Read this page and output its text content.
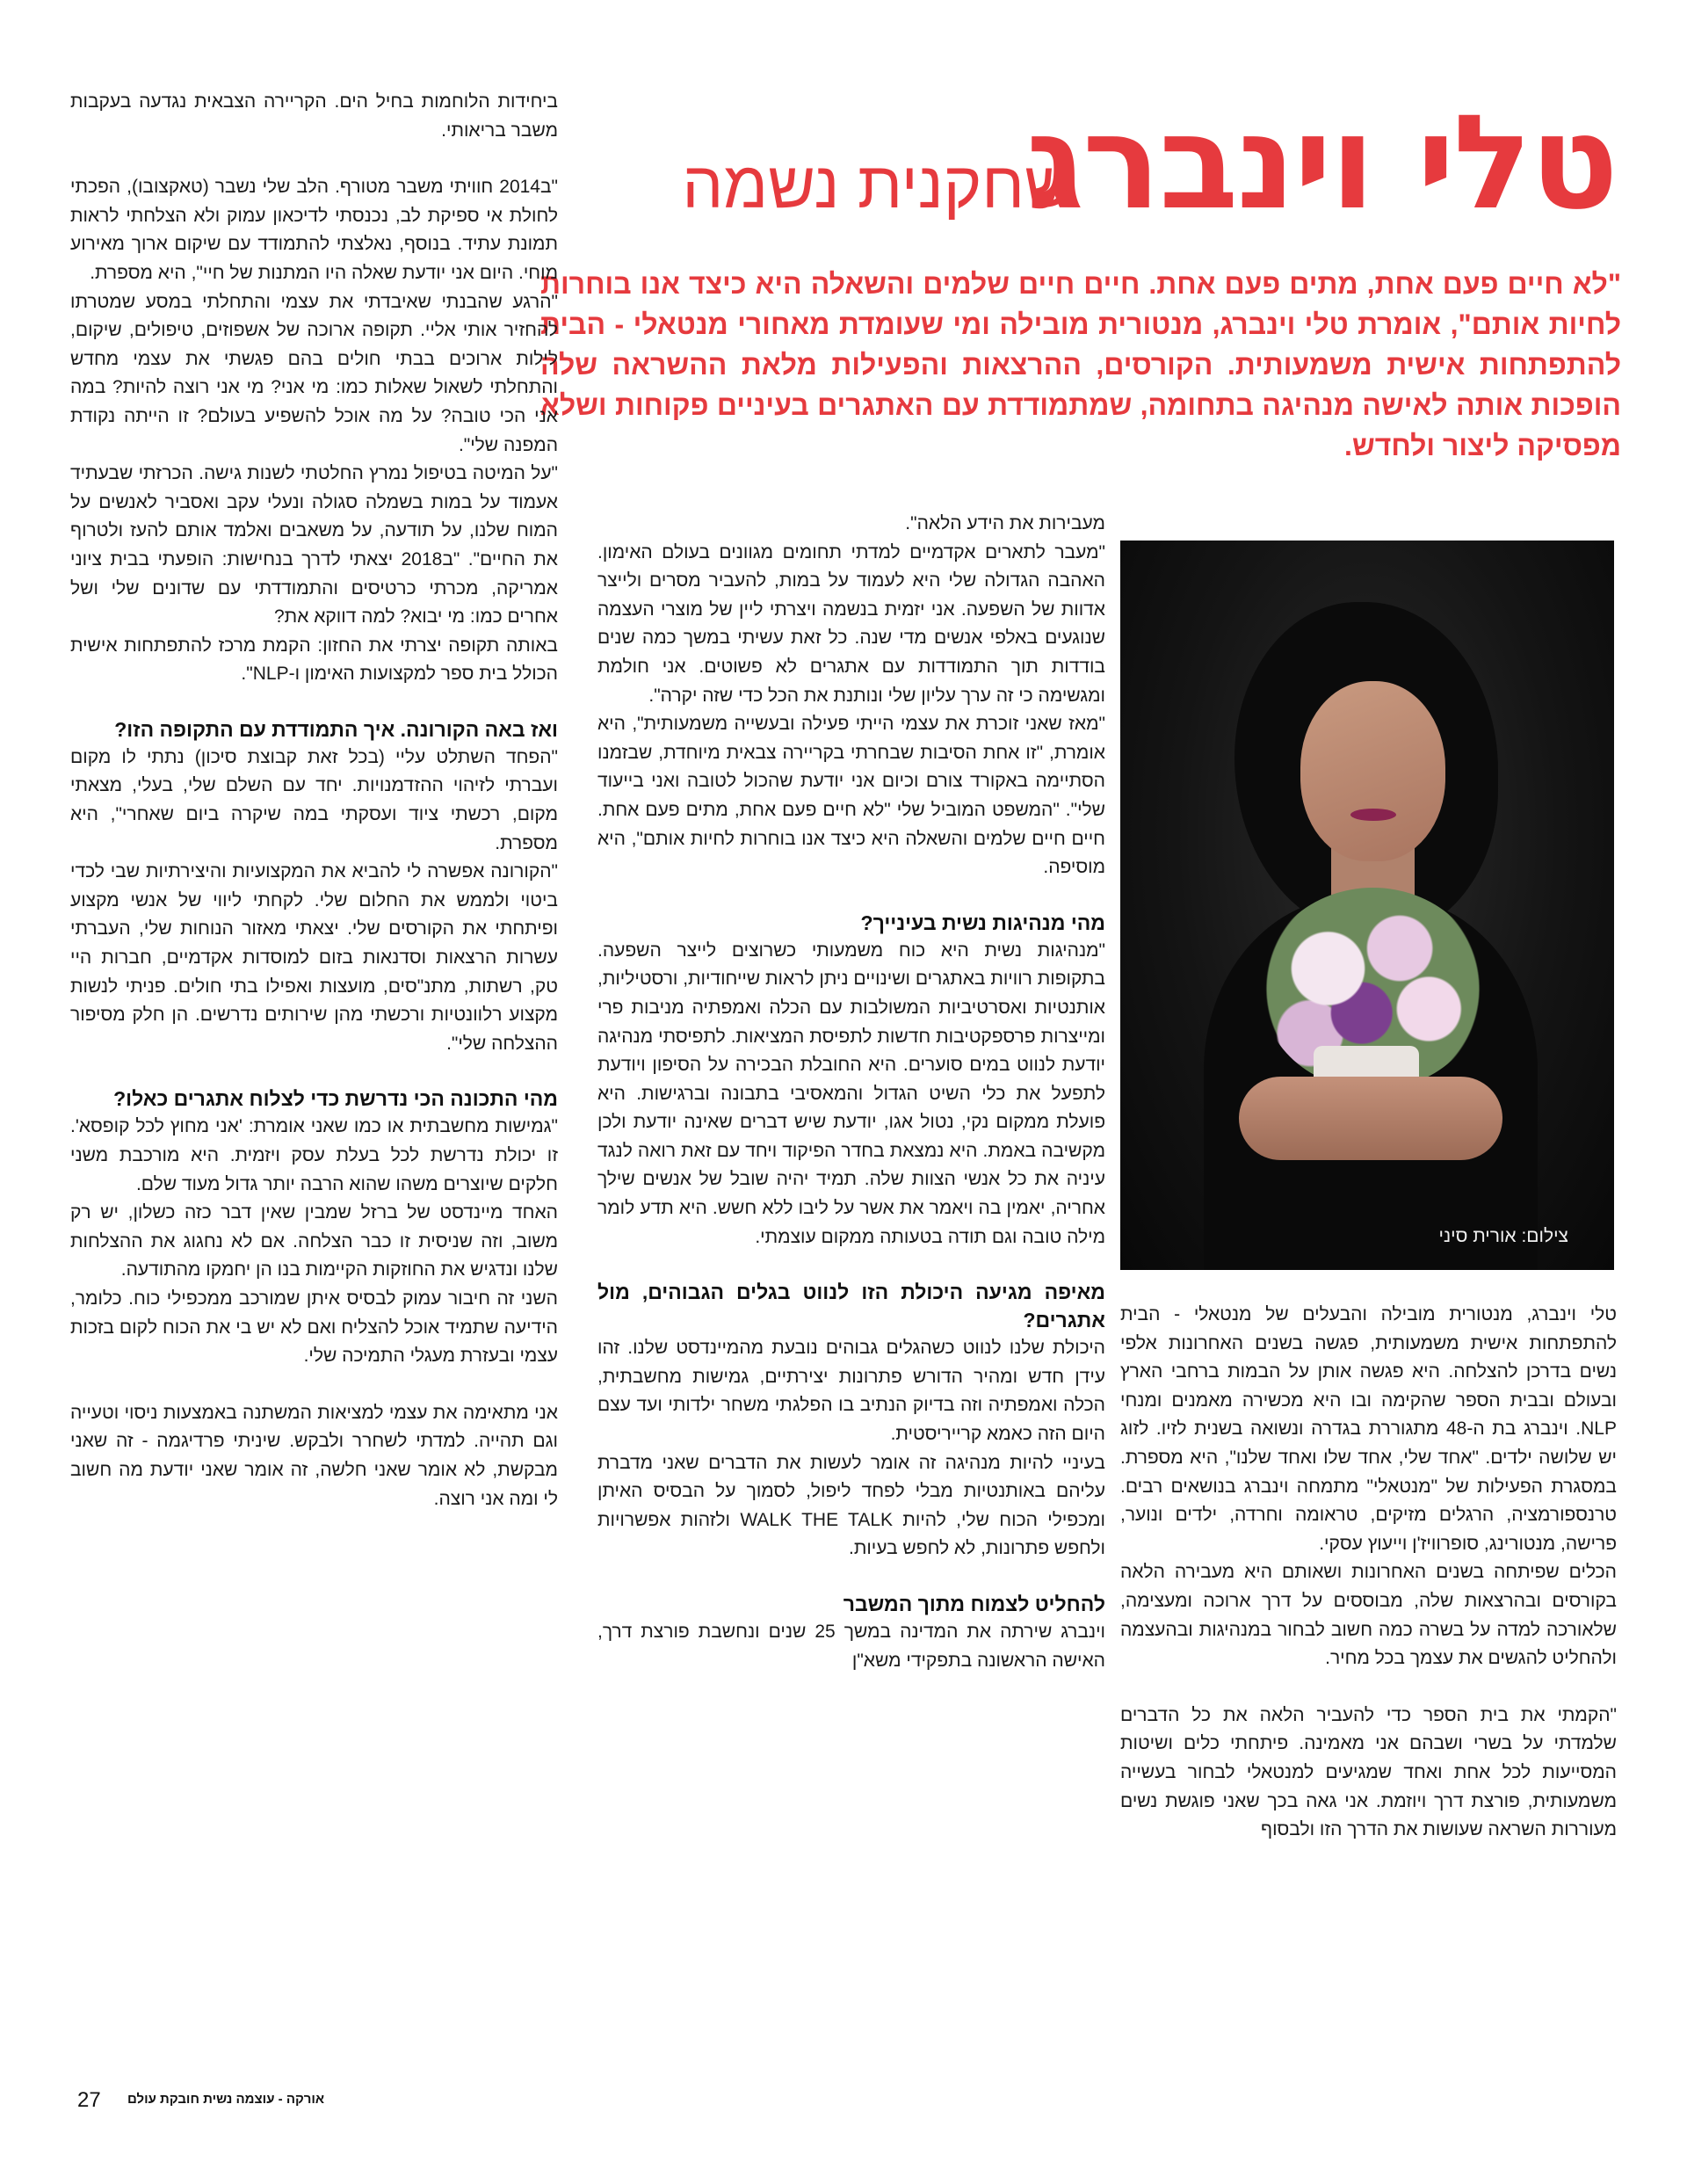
טלי וינברג
שחקנית נשמה
"לא חיים פעם אחת, מתים פעם אחת. חיים חיים שלמים והשאלה היא כיצד אנו בוחרות לחיות אותם", אומרת טלי וינברג, מנטורית מובילה ומי שעומדת מאחורי מנטאלי - הבית להתפתחות אישית משמעותית. הקורסים, ההרצאות והפעילות מלאת ההשראה שלה הופכות אותה לאישה מנהיגה בתחומה, שמתמודדת עם האתגרים בעיניים פקוחות ושלא מפסיקה ליצור ולחדש.
צילום: אורית סיני

טלי וינברג, מנטורית מובילה והבעלים של מנטאלי - הבית להתפתחות אישית משמעותית, פגשה בשנים האחרונות אלפי נשים בדרכן להצלחה. היא פגשה אותן על הבמות ברחבי הארץ ובעולם ובבית הספר שהקימה ובו היא מכשירה מאמנים ומנחי NLP. וינברג בת ה-48 מתגוררת בגדרה ונשואה בשנית לזיו. לזוג יש שלושה ילדים. "אחד שלי, אחד שלו ואחד שלנו", היא מספרת. במסגרת הפעילות של "מנטאלי" מתמחה וינברג בנושאים רבים. טרנספורמציה, הרגלים מזיקים, טראומה וחרדה, ילדים ונוער, פרישה, מנטורינג, סופרוויז'ן וייעוץ עסקי.

הכלים שפיתחה בשנים האחרונות ושאותם היא מעבירה הלאה בקורסים ובהרצאות שלה, מבוססים על דרך ארוכה ומעצימה, שלאורכה למדה על בשרה כמה חשוב לבחור במנהיגות ובהעצמה ולהחליט להגשים את עצמך בכל מחיר.

"הקמתי את בית הספר כדי להעביר הלאה את כל הדברים שלמדתי על בשרי ושבהם אני מאמינה. פיתחתי כלים ושיטות המסייעות לכל אחת ואחד שמגיעים למנטאלי לבחור בעשייה משמעותית, פורצת דרך ויוזמת. אני גאה בכך שאני פוגשת נשים מעוררות השראה שעושות את הדרך הזו ולבסוף

מעבירות את הידע הלאה".

"מעבר לתארים אקדמיים למדתי תחומים מגוונים בעולם האימון. האהבה הגדולה שלי היא לעמוד על במות, להעביר מסרים ולייצר אדוות של השפעה. אני יזמית בנשמה ויצרתי ליין של מוצרי העצמה שנוגעים באלפי אנשים מדי שנה. כל זאת עשיתי במשך כמה שנים בודדות תוך התמודדות עם אתגרים לא פשוטים. אני חולמת ומגשימה כי זה ערך עליון שלי ונותנת את הכל כדי שזה יקרה".

"מאז שאני זוכרת את עצמי הייתי פעילה ובעשייה משמעותית", היא אומרת, "זו אחת הסיבות שבחרתי בקריירה צבאית מיוחדת, שבזמנו הסתיימה באקורד צורם וכיום אני יודעת שהכול לטובה ואני בייעוד שלי". "המשפט המוביל שלי "לא חיים פעם אחת, מתים פעם אחת. חיים חיים שלמים והשאלה היא כיצד אנו בוחרות לחיות אותם", היא מוסיפה.

מהי מנהיגות נשית בעינייך?

"מנהיגות נשית היא כוח משמעותי כשרוצים לייצר השפעה. בתקופות רוויות באתגרים ושינויים ניתן לראות שייחודיות, ורסטיליות, אותנטיות ואסרטיביות המשולבות עם הכלה ואמפתיה מניבות פרי ומייצרות פרספקטיבות חדשות לתפיסת המציאות. לתפיסתי מנהיגה יודעת לנווט במים סוערים. היא החובלת הבכירה על הסיפון ויודעת לתפעל את כלי השיט הגדול והמאסיבי בתבונה וברגישות. היא פועלת ממקום נקי, נטול אגו, יודעת שיש דברים שאינה יודעת ולכן מקשיבה באמת. היא נמצאת בחדר הפיקוד ויחד עם זאת רואה לנגד עיניה את כל אנשי הצוות שלה. תמיד יהיה שובל של אנשים שילך אחריה, יאמין בה ויאמר את אשר על ליבו ללא חשש. היא תדע לומר מילה טובה וגם תודה בטעותה ממקום עוצמתי.

מאיפה מגיעה היכולת הזו לנווט בגלים הגבוהים, מול אתגרים?

היכולת שלנו לנווט כשהגלים גבוהים נובעת מהמיינדסט שלנו. זהו עידן חדש ומהיר הדורש פתרונות יצירתיים, גמישות מחשבתית, הכלה ואמפתיה וזה בדיוק הנתיב בו הפלגתי משחר ילדותי ועד עצם היום הזה כאמא קרייריסטית.

בעיניי להיות מנהיגה זה אומר לעשות את הדברים שאני מדברת עליהם באותנטיות מבלי לפחד ליפול, לסמוך על הבסיס האיתן ומכפילי הכוח שלי, להיות WALK THE TALK ולזהות אפשרויות ולחפש פתרונות, לא לחפש בעיות.

להחליט לצמוח מתוך המשבר

וינברג שירתה את המדינה במשך 25 שנים ונחשבת פורצת דרך, האישה הראשונה בתפקידי משא"ן

ביחידות הלוחמות בחיל הים. הקריירה הצבאית נגדעה בעקבות משבר בריאותי.

"ב2014 חוויתי משבר מטורף. הלב שלי נשבר (טאקצובו), הפכתי לחולת אי ספיקת לב, נכנסתי לדיכאון עמוק ולא הצלחתי לראות תמונת עתיד. בנוסף, נאלצתי להתמודד עם שיקום ארוך מאירוע מוחי. היום אני יודעת שאלה היו המתנות של חיי", היא מספרת.

"הרגע שהבנתי שאיבדתי את עצמי והתחלתי במסע שמטרתו להחזיר אותי אליי. תקופה ארוכה של אשפוזים, טיפולים, שיקום, לילות ארוכים בבתי חולים בהם פגשתי את עצמי מחדש והתחלתי לשאול שאלות כמו: מי אני? מי אני רוצה להיות? במה אני הכי טובה? על מה אוכל להשפיע בעולם? זו הייתה נקודת המפנה שלי".

"על המיטה בטיפול נמרץ החלטתי לשנות גישה. הכרזתי שבעתיד אעמוד על במות בשמלה סגולה ונעלי עקב ואסביר לאנשים על המוח שלנו, על תודעה, על משאבים ואלמד אותם להעז ולטרוף את החיים". "ב2018 יצאתי לדרך בנחישות: הופעתי בבית ציוני אמריקה, מכרתי כרטיסים והתמודדתי עם שדונים שלי ושל אחרים כמו: מי יבוא? למה דווקא את?

באותה תקופה יצרתי את החזון: הקמת מרכז להתפתחות אישית הכולל בית ספר למקצועות האימון ו-NLP".

ואז באה הקורונה. איך התמודדת עם התקופה הזו?

"הפחד השתלט עליי (בכל זאת קבוצת סיכון) נתתי לו מקום ועברתי לזיהוי ההזדמנויות. יחד עם השלם שלי, בעלי, מצאתי מקום, רכשתי ציוד ועסקתי במה שיקרה ביום שאחרי", היא מספרת.

"הקורונה אפשרה לי להביא את המקצועיות והיצירתיות שבי לכדי ביטוי ולממש את החלום שלי. לקחתי ליווי של אנשי מקצוע ופיתחתי את הקורסים שלי. יצאתי מאזור הנוחות שלי, העברתי עשרות הרצאות וסדנאות בזום למוסדות אקדמיים, חברות היי טק, רשתות, מתנ"סים, מועצות ואפילו בתי חולים. פניתי לנשות מקצוע רלוונטיות ורכשתי מהן שירותים נדרשים. הן חלק מסיפור ההצלחה שלי".

מהי התכונה הכי נדרשת כדי לצלוח אתגרים כאלו?

"גמישות מחשבתית או כמו שאני אומרת: 'אני מחוץ לכל קופסא'. זו יכולת נדרשת לכל בעלת עסק ויזמית. היא מורכבת משני חלקים שיוצרים משהו שהוא הרבה יותר גדול מעוד שלם.

האחד מיינדסט של ברזל שמבין שאין דבר כזה כשלון, יש רק משוב, וזה שניסית זו כבר הצלחה. אם לא נחגוג את ההצלחות שלנו ונדגיש את החוזקות הקיימות בנו הן יחמקו מהתודעה.

השני זה חיבור עמוק לבסיס איתן שמורכב ממכפילי כוח. כלומר, הידיעה שתמיד אוכל להצליח ואם לא יש בי את הכוח לקום בזכות עצמי ובעזרת מעגלי התמיכה שלי.

אני מתאימה את עצמי למציאות המשתנה באמצעות ניסוי וטעייה וגם תהייה. למדתי לשחרר ולבקש. שיניתי פרדיגמה - זה שאני מבקשת, לא אומר שאני חלשה, זה אומר שאני יודעת מה חשוב לי ומה אני רוצה.

27 אורקה - עוצמה נשית חובקת עולם
